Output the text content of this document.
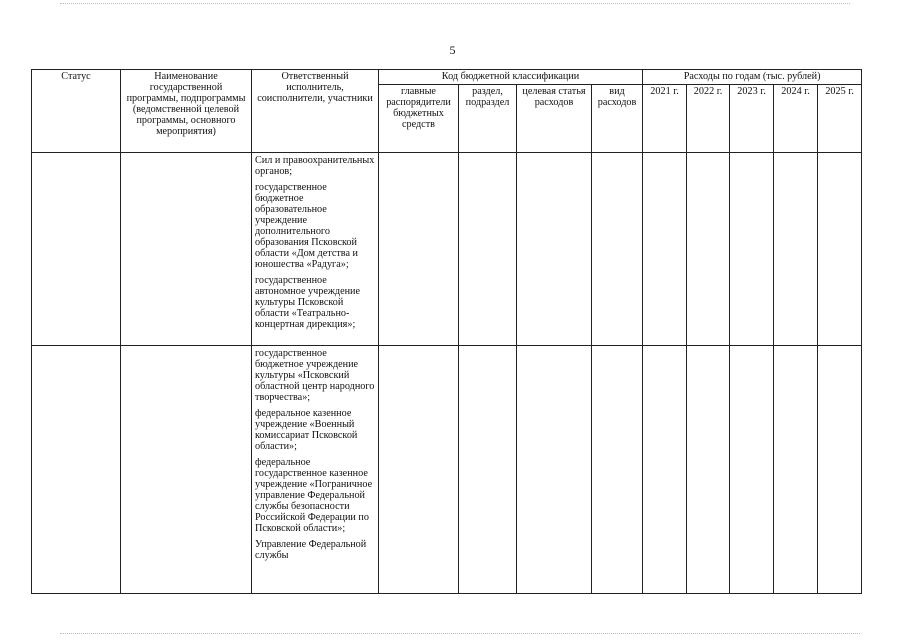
5
Статус	Наименование государственной программы, подпрограммы (ведомственной целевой программы, основного мероприятия)	Ответственный исполнитель, соисполнители, участники	Код бюджетной классификации				Расходы по годам (тыс. рублей)				
			главные распорядители бюджетных средств	раздел, подраздел	целевая статья расходов	вид расходов	2021 г.	2022 г.	2023 г.	2024 г.	2025 г.

		Сил и правоохранительных органов;
государственное бюджетное образовательное учреждение дополнительного образования Псковской области «Дом детства и юношества «Радуга»;
государственное автономное учреждение культуры Псковской области «Театрально-концертная дирекция»;									

		государственное бюджетное учреждение культуры «Псковский областной центр народного творчества»;
федеральное казенное учреждение «Военный комиссариат Псковской области»;
федеральное государственное казенное учреждение «Пограничное управление Федеральной службы безопасности Российской Федерации по Псковской области»;
Управление Федеральной службы									
